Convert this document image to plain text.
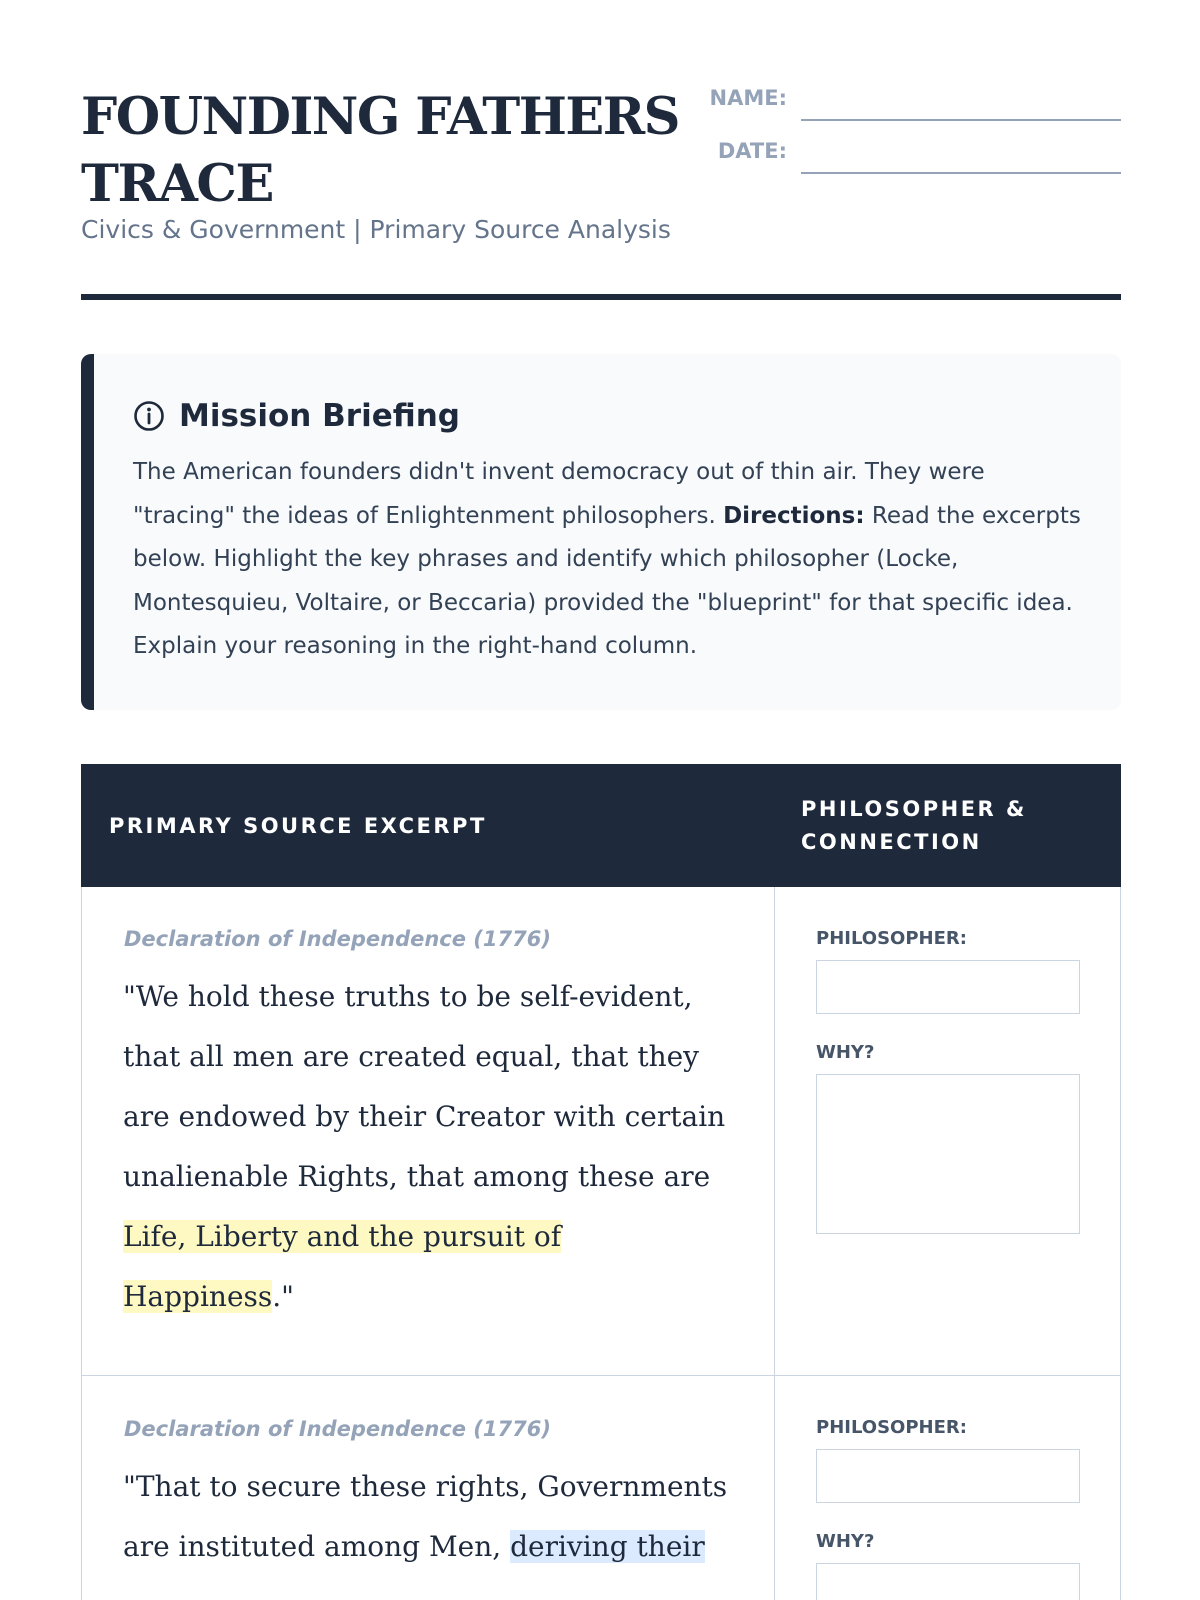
FOUNDING FATHERS TRACE
Civics & Government | Primary Source Analysis
NAME:
DATE:
Mission Briefing

The American founders didn't invent democracy out of thin air. They were "tracing" the ideas of Enlightenment philosophers. Directions: Read the excerpts below. Highlight the key phrases and identify which philosopher (Locke, Montesquieu, Voltaire, or Beccaria) provided the "blueprint" for that specific idea. Explain your reasoning in the right-hand column.

PRIMARY SOURCE EXCERPT
PHILOSOPHER & CONNECTION
Declaration of Independence (1776)

"We hold these truths to be self-evident, that all men are created equal, that they are endowed by their Creator with certain unalienable Rights, that among these are Life, Liberty and the pursuit of Happiness."

PHILOSOPHER:
WHY?
Declaration of Independence (1776)

"That to secure these rights, Governments are instituted among Men, deriving their

PHILOSOPHER:
WHY?
